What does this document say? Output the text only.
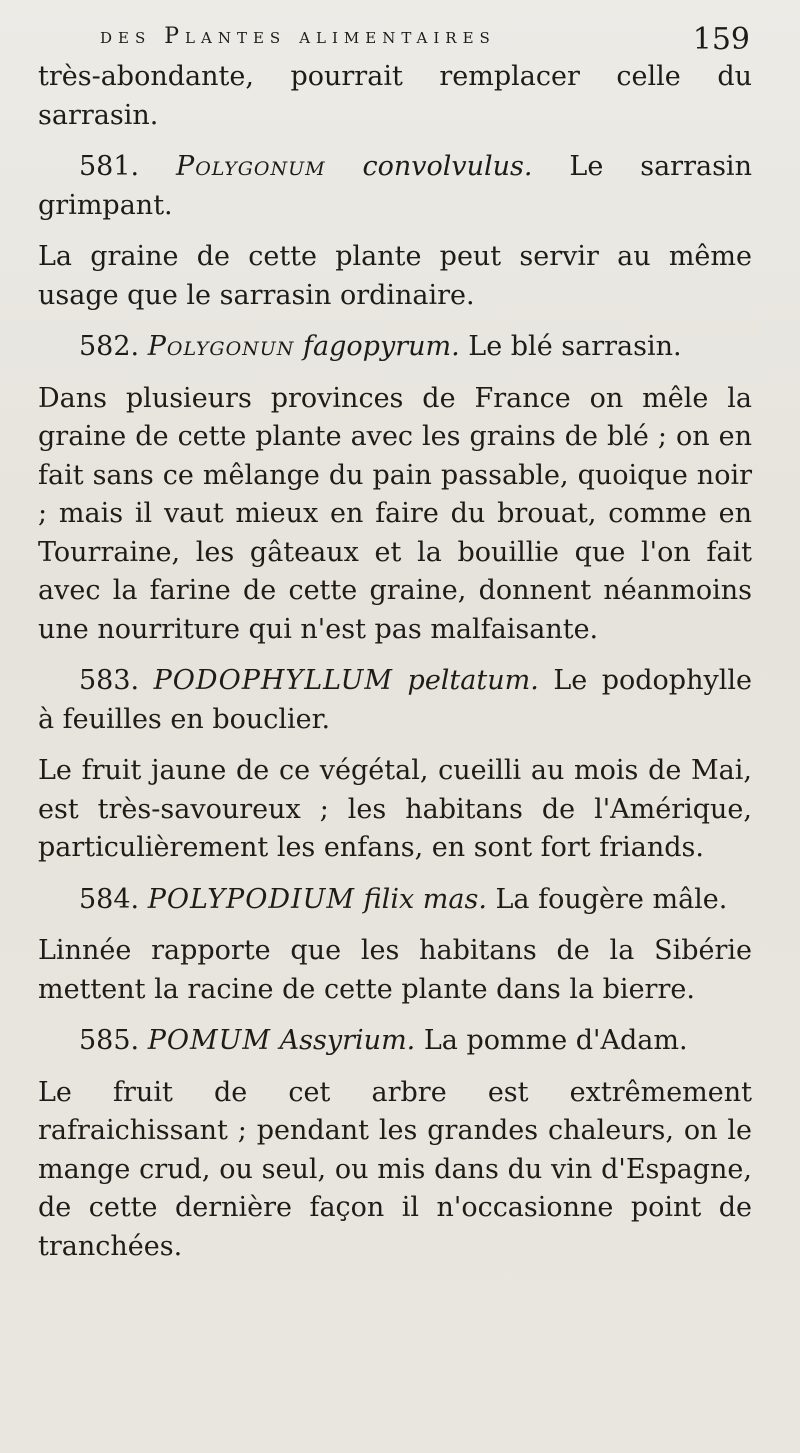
des Plantes alimentaires	159

très-abondante, pourrait remplacer celle du sarrasin.

581. Polygonum convolvulus. Le sarrasin grimpant.

La graine de cette plante peut servir au même usage que le sarrasin ordinaire.

582. Polygonun fagopyrum. Le blé sarrasin.

Dans plusieurs provinces de France on mêle la graine de cette plante avec les grains de blé ; on en fait sans ce mêlange du pain passable, quoique noir ; mais il vaut mieux en faire du brouat, comme en Tourraine, les gâteaux et la bouillie que l'on fait avec la farine de cette graine, donnent néanmoins une nourriture qui n'est pas malfaisante.

583. PODOPHYLLUM peltatum. Le podophylle à feuilles en bouclier.

Le fruit jaune de ce végétal, cueilli au mois de Mai, est très-savoureux ; les habitans de l'Amérique, particulièrement les enfans, en sont fort friands.

584. POLYPODIUM filix mas. La fougère mâle.

Linnée rapporte que les habitans de la Sibérie mettent la racine de cette plante dans la bierre.

585. POMUM Assyrium. La pomme d'Adam.

Le fruit de cet arbre est extrêmement rafraichissant ; pendant les grandes chaleurs, on le mange crud, ou seul, ou mis dans du vin d'Espagne, de cette dernière façon il n'occasionne point de tranchées.
